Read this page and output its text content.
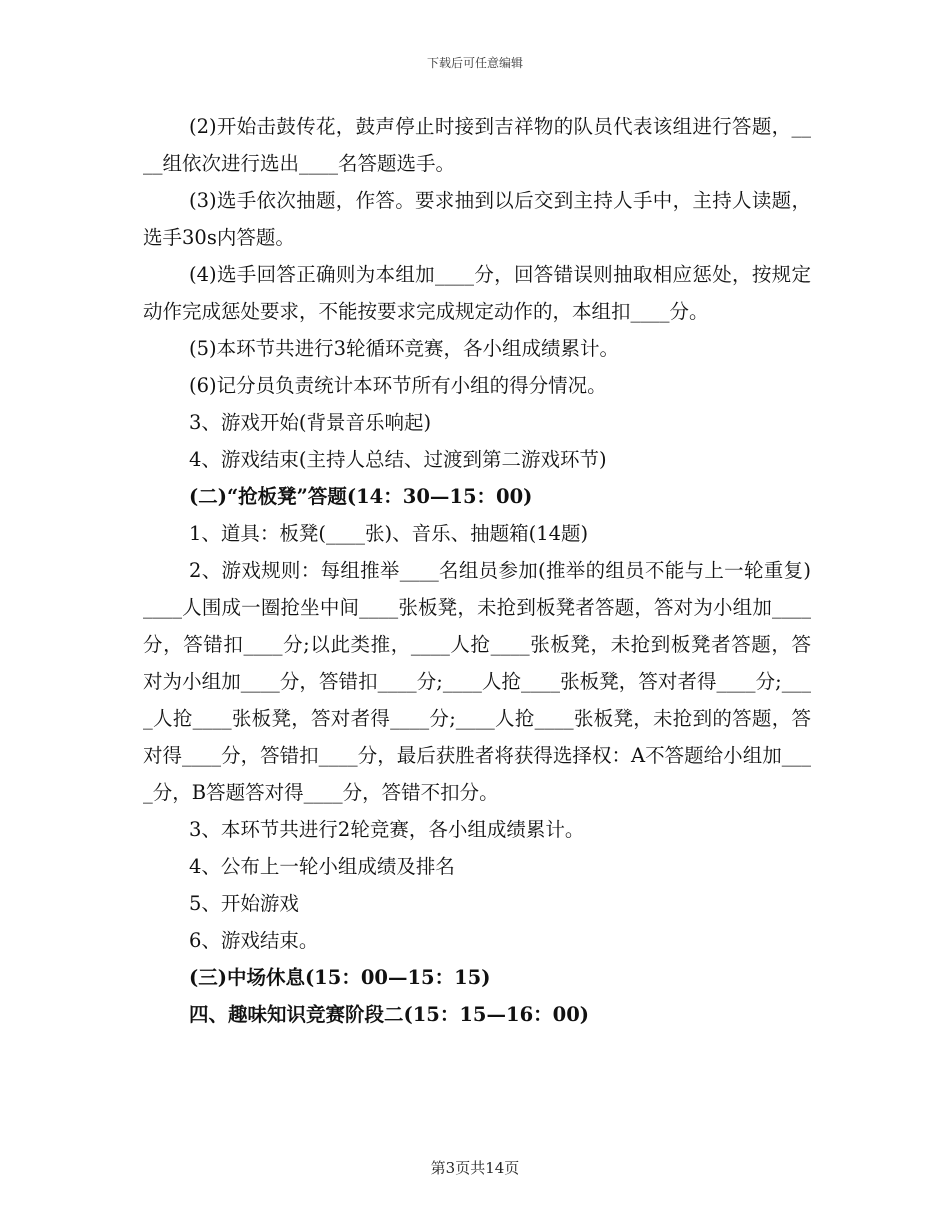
下载后可任意编辑

(2)开始击鼓传花，鼓声停止时接到吉祥物的队员代表该组进行答题，____组依次进行选出____名答题选手。

(3)选手依次抽题，作答。要求抽到以后交到主持人手中，主持人读题，选手30s内答题。

(4)选手回答正确则为本组加____分，回答错误则抽取相应惩处，按规定动作完成惩处要求，不能按要求完成规定动作的，本组扣____分。

(5)本环节共进行3轮循环竞赛，各小组成绩累计。

(6)记分员负责统计本环节所有小组的得分情况。

3、游戏开始(背景音乐响起)

4、游戏结束(主持人总结、过渡到第二游戏环节)

(二)“抢板凳”答题(14：30—15：00)

1、道具：板凳(____张)、音乐、抽题箱(14题)

2、游戏规则：每组推举____名组员参加(推举的组员不能与上一轮重复)____人围成一圈抢坐中间____张板凳，未抢到板凳者答题，答对为小组加____分，答错扣____分;以此类推，____人抢____张板凳，未抢到板凳者答题，答对为小组加____分，答错扣____分;____人抢____张板凳，答对者得____分;____人抢____张板凳，答对者得____分;____人抢____张板凳，未抢到的答题，答对得____分，答错扣____分，最后获胜者将获得选择权：A不答题给小组加____分，B答题答对得____分，答错不扣分。

3、本环节共进行2轮竞赛，各小组成绩累计。

4、公布上一轮小组成绩及排名

5、开始游戏

6、游戏结束。

(三)中场休息(15：00—15：15)

四、趣味知识竞赛阶段二(15：15—16：00)

第3页共14页
